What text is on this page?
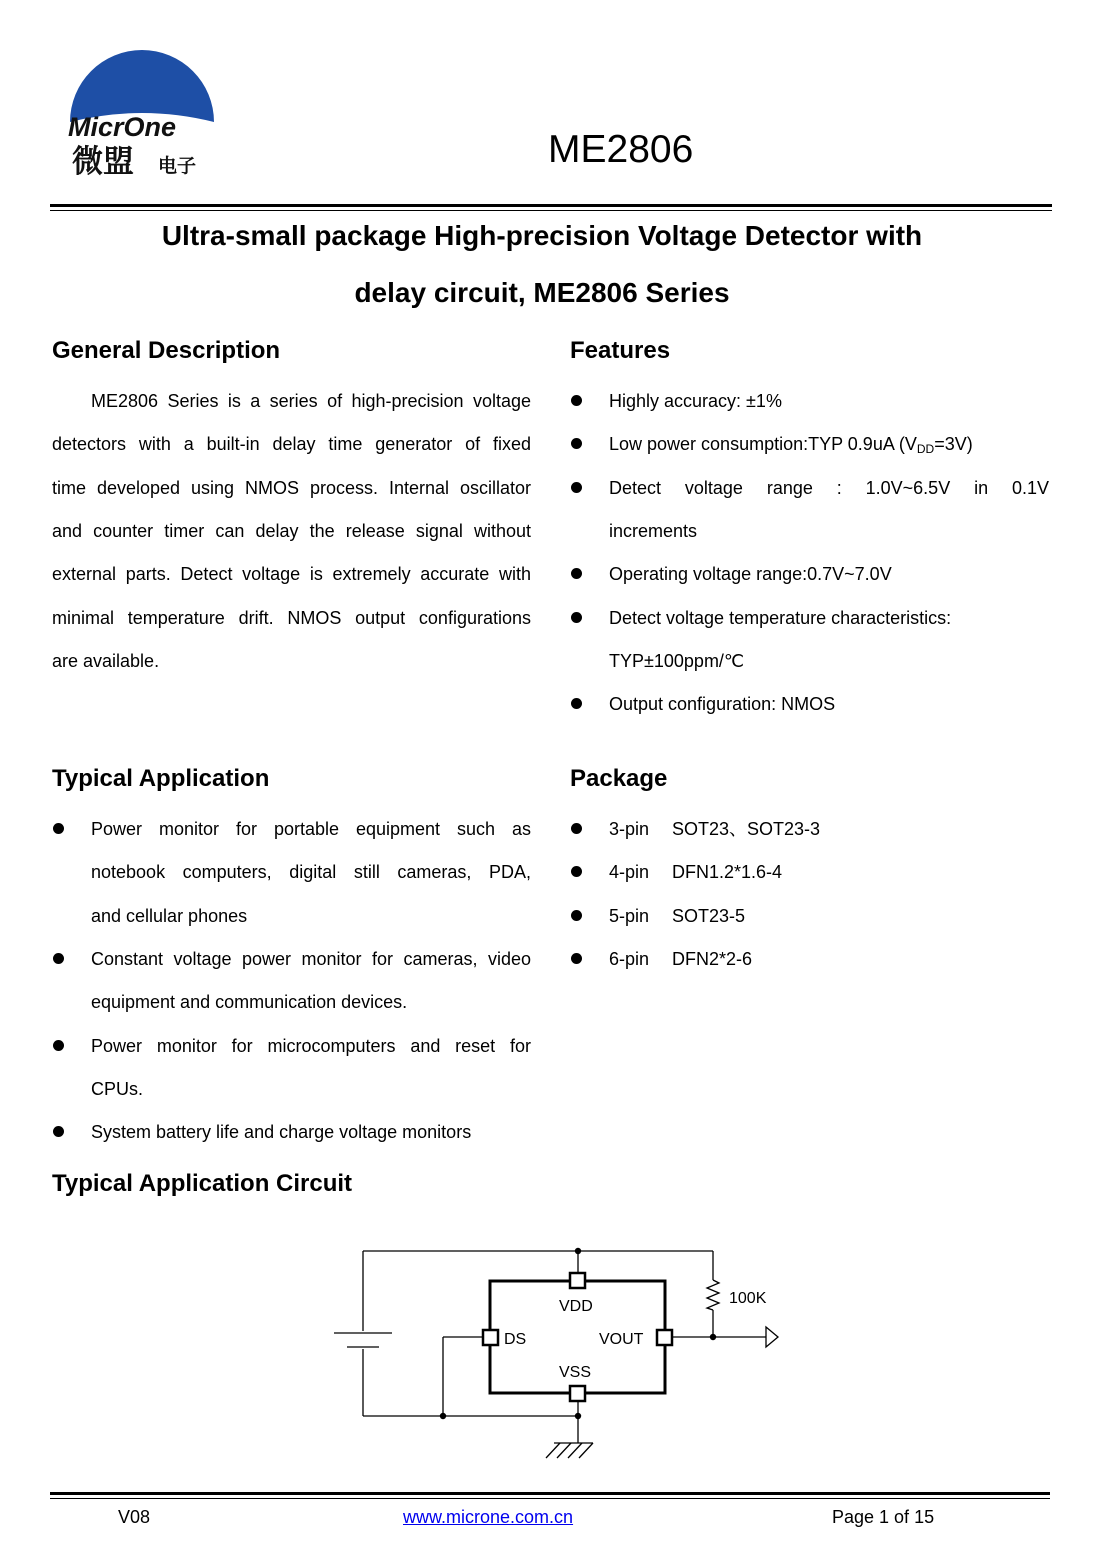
MicrOne
微盟 电子	ME2806
Ultra-small package High-precision Voltage Detector with
delay circuit, ME2806 Series
General Description
ME2806 Series is a series of high-precision voltage
detectors with a built-in delay time generator of fixed
time developed using NMOS process. Internal oscillator
and counter timer can delay the release signal without
external parts. Detect voltage is extremely accurate with
minimal temperature drift. NMOS output configurations
are available.
Features
Highly accuracy: ±1%
Low power consumption:TYP 0.9uA $(V_{DD}=3V)$
Detect voltage range : 1.0V~6.5V in 0.1V
increments
Operating voltage range:0.7V~7.0V
Detect voltage temperature characteristics:
TYP±100ppm/℃
Output configuration: NMOS
Typical Application
Power monitor for portable equipment such as
notebook computers, digital still cameras, PDA,
and cellular phones
Constant voltage power monitor for cameras, video
equipment and communication devices.
Power monitor for microcomputers and reset for
CPUs.
System battery life and charge voltage monitors
Package
3-pin SOT23、SOT23-3
4-pin DFN1.2*1.6-4
5-pin SOT23-5
6-pin DFN2*2-6
Typical Application Circuit
VDD
VSS
DS	VOUT
100K
V08	www.microne.com.cn	Page 1 of 15
